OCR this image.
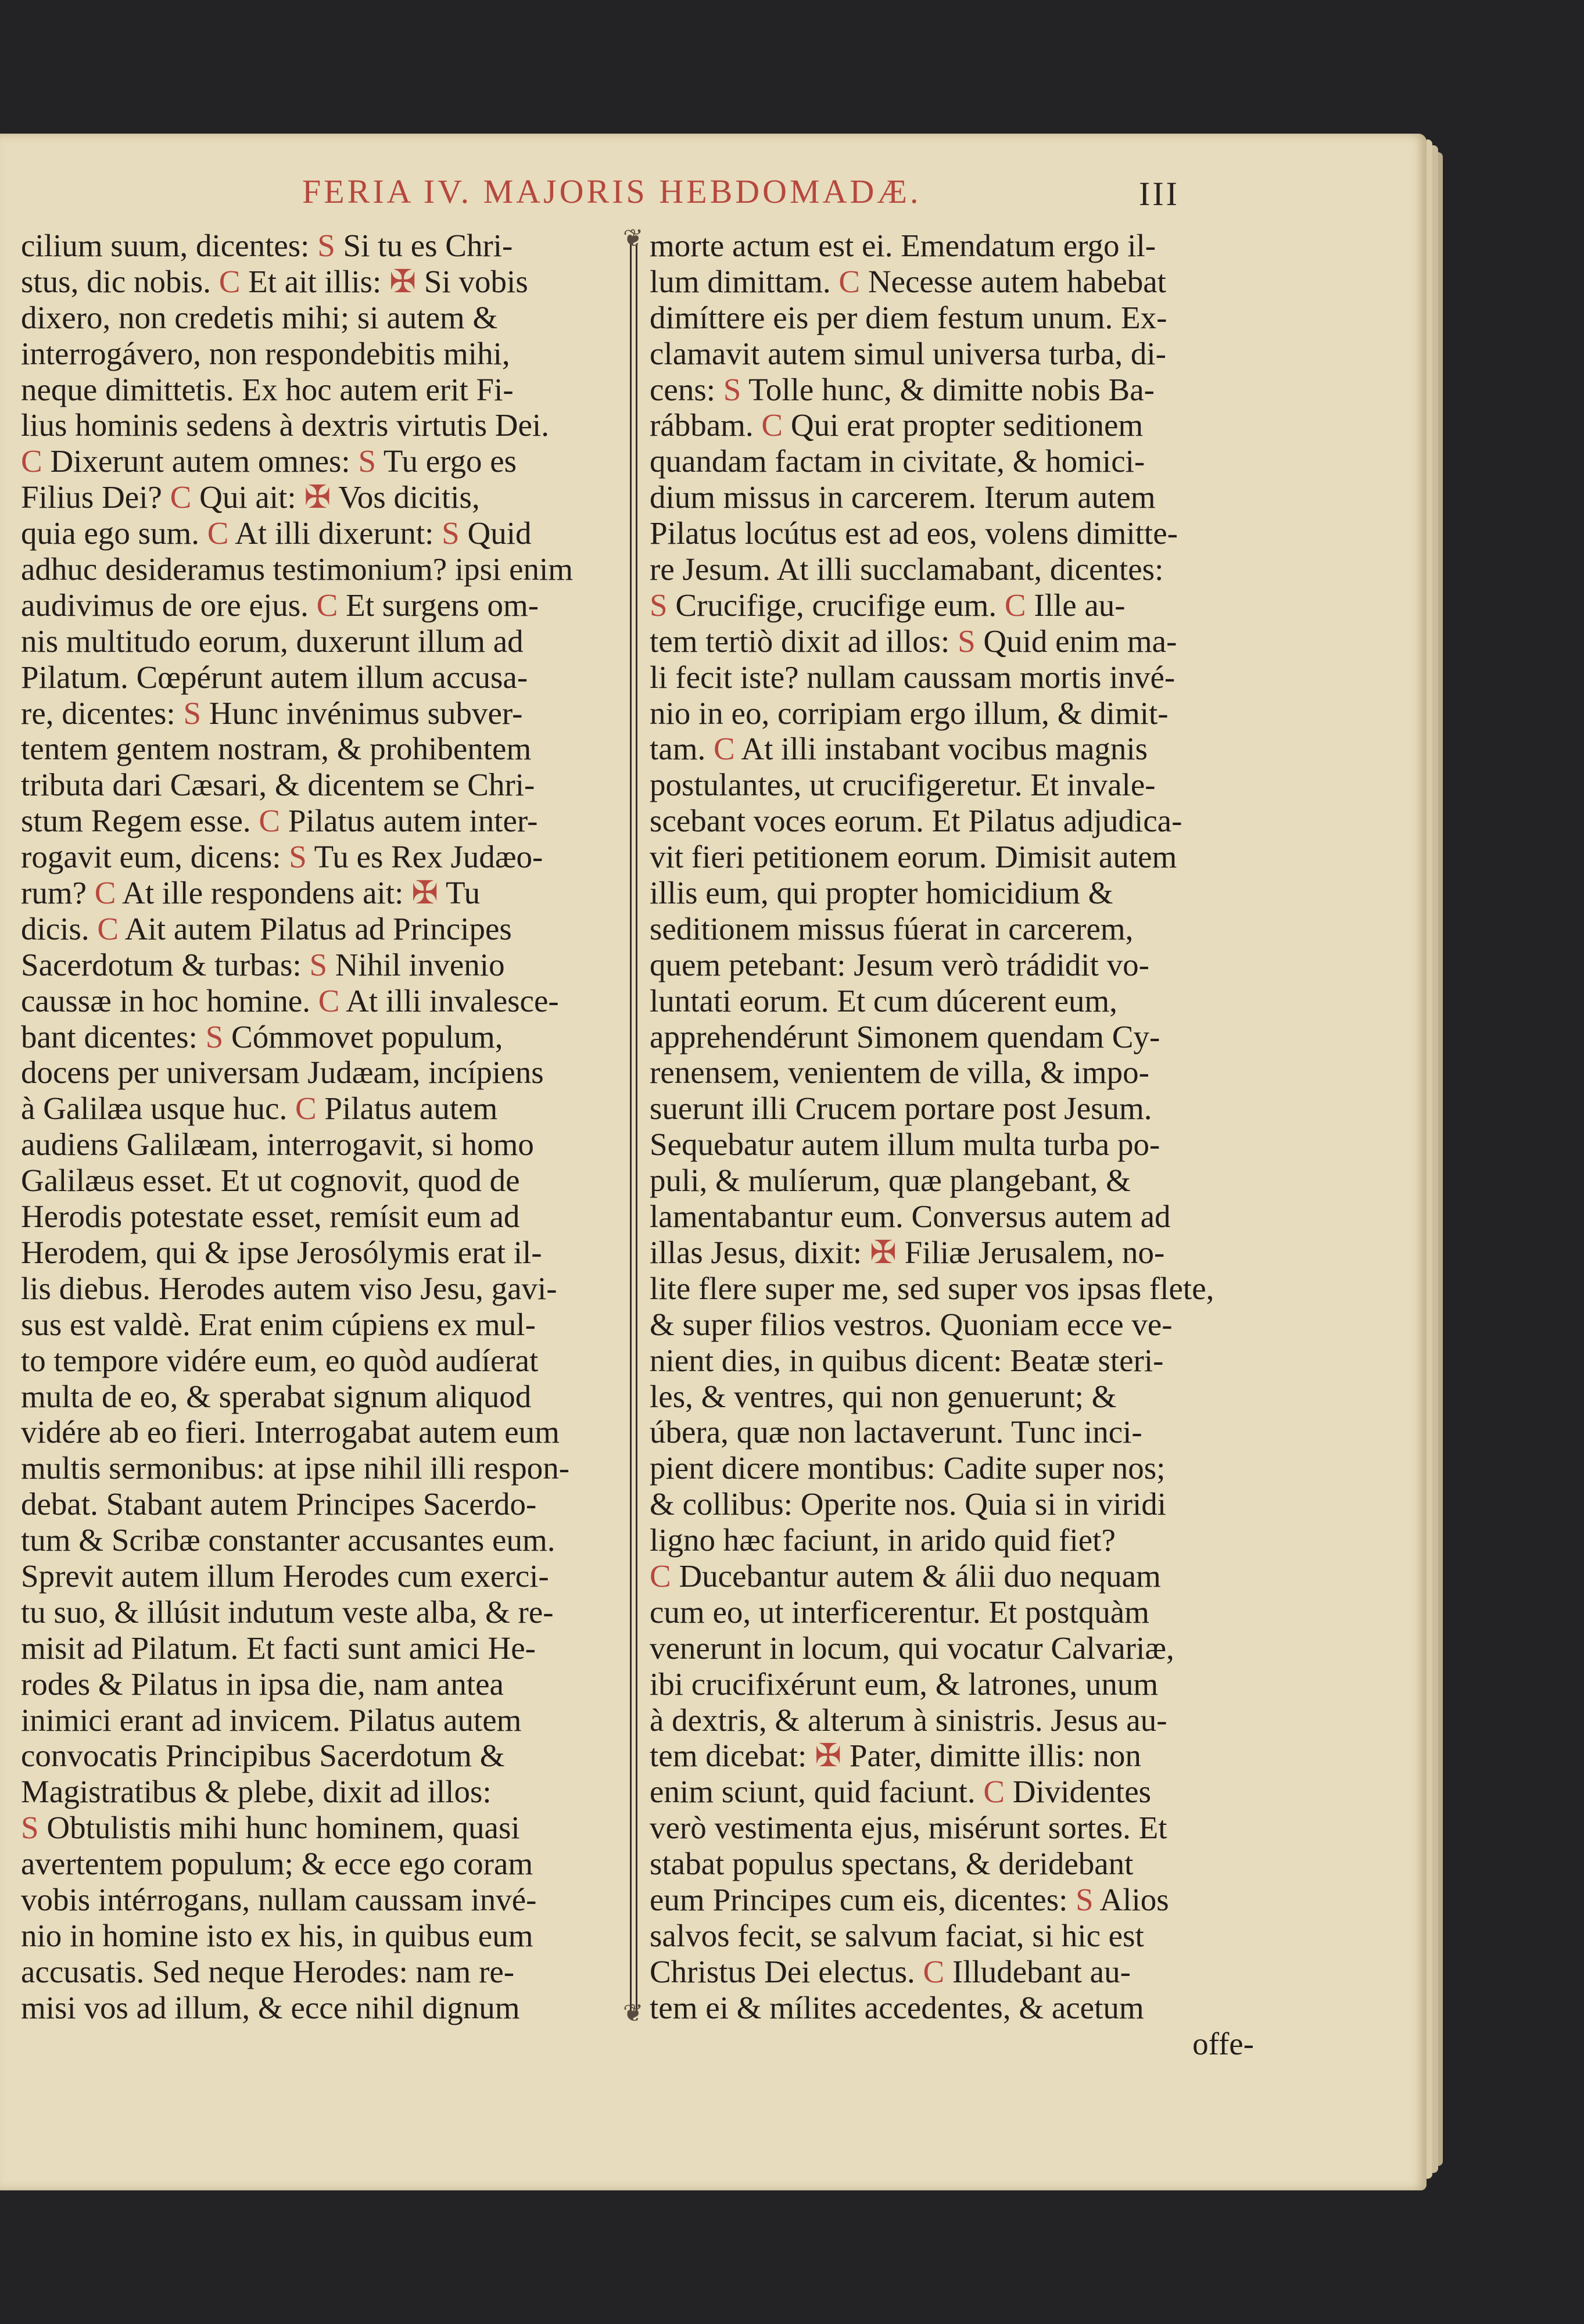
FERIA IV. MAJORIS HEBDOMADÆ.	III
cilium suum, dicentes: S Si tu es Chri-
stus, dic nobis. C Et ait illis: ✠ Si vobis
dixero, non credetis mihi; si autem &
interrogávero, non respondebitis mihi,
neque dimittetis. Ex hoc autem erit Fi-
lius hominis sedens à dextris virtutis Dei.
C Dixerunt autem omnes: S Tu ergo es
Filius Dei? C Qui ait: ✠ Vos dicitis,
quia ego sum. C At illi dixerunt: S Quid
adhuc desideramus testimonium? ipsi enim
audivimus de ore ejus. C Et surgens om-
nis multitudo eorum, duxerunt illum ad
Pilatum. Cœpérunt autem illum accusa-
re, dicentes: S Hunc invénimus subver-
tentem gentem nostram, & prohibentem
tributa dari Cæsari, & dicentem se Chri-
stum Regem esse. C Pilatus autem inter-
rogavit eum, dicens: S Tu es Rex Judæo-
rum? C At ille respondens ait: ✠ Tu
dicis. C Ait autem Pilatus ad Principes
Sacerdotum & turbas: S Nihil invenio
caussæ in hoc homine. C At illi invalesce-
bant dicentes: S Cómmovet populum,
docens per universam Judæam, incípiens
à Galilæa usque huc. C Pilatus autem
audiens Galilæam, interrogavit, si homo
Galilæus esset. Et ut cognovit, quod de
Herodis potestate esset, remísit eum ad
Herodem, qui & ipse Jerosólymis erat il-
lis diebus. Herodes autem viso Jesu, gavi-
sus est valdè. Erat enim cúpiens ex mul-
to tempore vidére eum, eo quòd audíerat
multa de eo, & sperabat signum aliquod
vidére ab eo fieri. Interrogabat autem eum
multis sermonibus: at ipse nihil illi respon-
debat. Stabant autem Principes Sacerdo-
tum & Scribæ constanter accusantes eum.
Sprevit autem illum Herodes cum exerci-
tu suo, & illúsit indutum veste alba, & re-
misit ad Pilatum. Et facti sunt amici He-
rodes & Pilatus in ipsa die, nam antea
inimici erant ad invicem. Pilatus autem
convocatis Principibus Sacerdotum &
Magistratibus & plebe, dixit ad illos:
S Obtulistis mihi hunc hominem, quasi
avertentem populum; & ecce ego coram
vobis intérrogans, nullam caussam invé-
nio in homine isto ex his, in quibus eum
accusatis. Sed neque Herodes: nam re-
misi vos ad illum, & ecce nihil dignum
❦
❦
morte actum est ei. Emendatum ergo il-
lum dimittam. C Necesse autem habebat
dimíttere eis per diem festum unum. Ex-
clamavit autem simul universa turba, di-
cens: S Tolle hunc, & dimitte nobis Ba-
rábbam. C Qui erat propter seditionem
quandam factam in civitate, & homici-
dium missus in carcerem. Iterum autem
Pilatus locútus est ad eos, volens dimitte-
re Jesum. At illi succlamabant, dicentes:
S Crucifige, crucifige eum. C Ille au-
tem tertiò dixit ad illos: S Quid enim ma-
li fecit iste? nullam caussam mortis invé-
nio in eo, corripiam ergo illum, & dimit-
tam. C At illi instabant vocibus magnis
postulantes, ut crucifigeretur. Et invale-
scebant voces eorum. Et Pilatus adjudica-
vit fieri petitionem eorum. Dimisit autem
illis eum, qui propter homicidium &
seditionem missus fúerat in carcerem,
quem petebant: Jesum verò trádidit vo-
luntati eorum. Et cum dúcerent eum,
apprehendérunt Simonem quendam Cy-
renensem, venientem de villa, & impo-
suerunt illi Crucem portare post Jesum.
Sequebatur autem illum multa turba po-
puli, & mulíerum, quæ plangebant, &
lamentabantur eum. Conversus autem ad
illas Jesus, dixit: ✠ Filiæ Jerusalem, no-
lite flere super me, sed super vos ipsas flete,
& super filios vestros. Quoniam ecce ve-
nient dies, in quibus dicent: Beatæ steri-
les, & ventres, qui non genuerunt; &
úbera, quæ non lactaverunt. Tunc inci-
pient dicere montibus: Cadite super nos;
& collibus: Operite nos. Quia si in viridi
ligno hæc faciunt, in arido quid fiet?
C Ducebantur autem & álii duo nequam
cum eo, ut interficerentur. Et postquàm
venerunt in locum, qui vocatur Calvariæ,
ibi crucifixérunt eum, & latrones, unum
à dextris, & alterum à sinistris. Jesus au-
tem dicebat: ✠ Pater, dimitte illis: non
enim sciunt, quid faciunt. C Dividentes
verò vestimenta ejus, misérunt sortes. Et
stabat populus spectans, & deridebant
eum Principes cum eis, dicentes: S Alios
salvos fecit, se salvum faciat, si hic est
Christus Dei electus. C Illudebant au-
tem ei & mílites accedentes, & acetum
offe-
